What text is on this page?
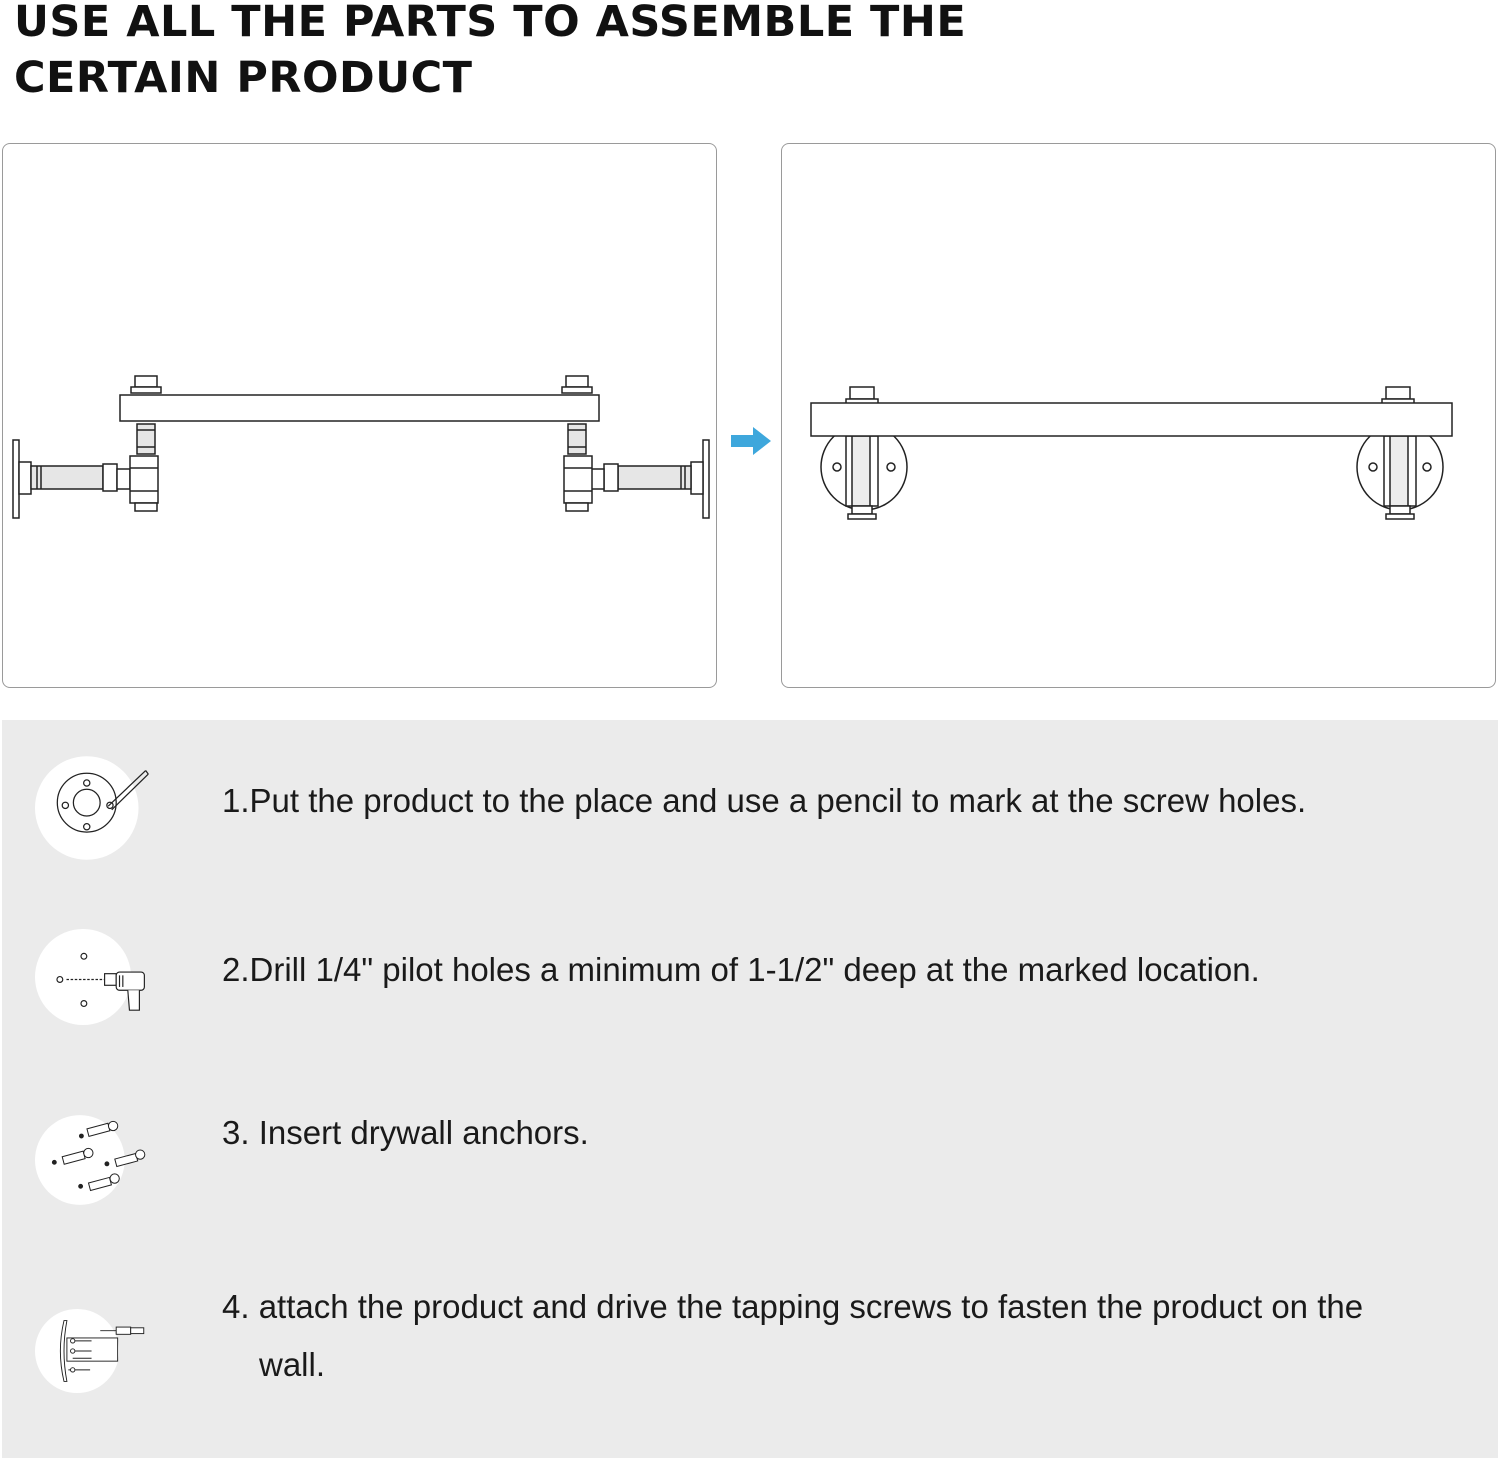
USE ALL THE PARTS TO ASSEMBLE THE
CERTAIN PRODUCT
1.Put the product to the place and use a pencil to mark at the screw holes.
2.Drill 1/4" pilot holes a minimum of 1-1/2" deep at the marked location.
3. Insert drywall anchors.
4. attach the product and drive the tapping screws to fasten the product on the
wall.
